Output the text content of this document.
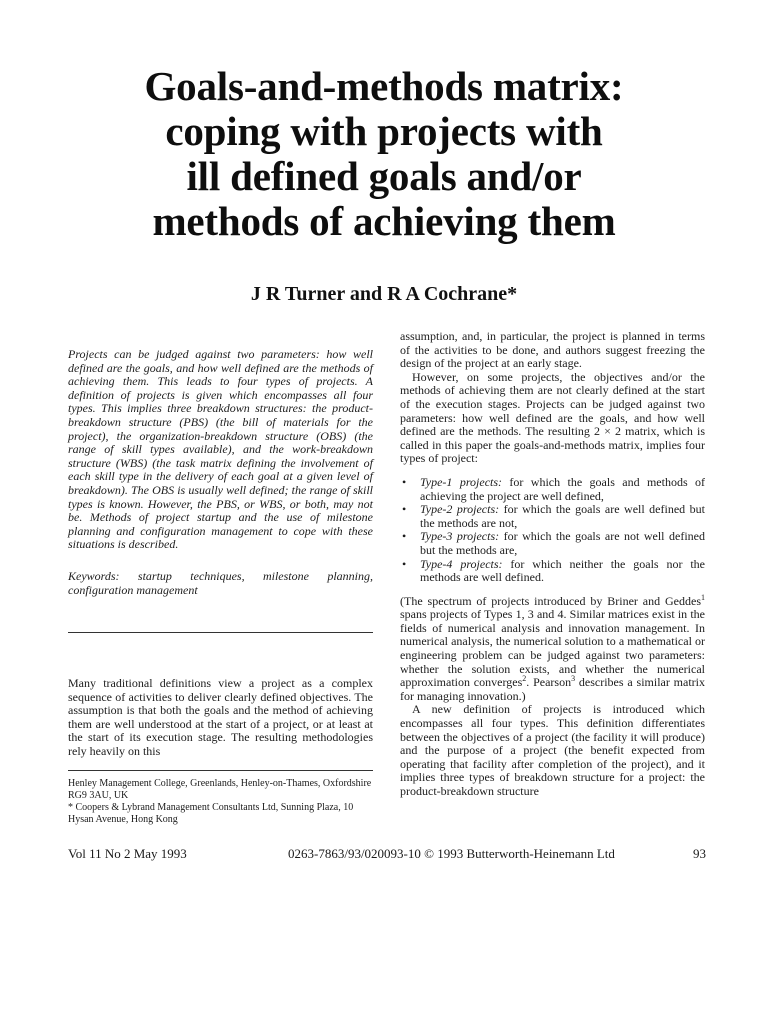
Goals-and-methods matrix:
coping with projects with
ill defined goals and/or
methods of achieving them
J R Turner and R A Cochrane*

Projects can be judged against two parameters: how well defined are the goals, and how well defined are the methods of achieving them. This leads to four types of projects. A definition of projects is given which encompasses all four types. This implies three breakdown structures: the product-breakdown structure (PBS) (the bill of materials for the project), the organization-breakdown structure (OBS) (the range of skill types available), and the work-breakdown structure (WBS) (the task matrix defining the involvement of each skill type in the delivery of each goal at a given level of breakdown). The OBS is usually well defined; the range of skill types is known. However, the PBS, or WBS, or both, may not be. Methods of project startup and the use of milestone planning and configuration management to cope with these situations is described.

Keywords: startup techniques, milestone planning, configuration management

Many traditional definitions view a project as a complex sequence of activities to deliver clearly defined objectives. The assumption is that both the goals and the method of achieving them are well understood at the start of a project, or at least at the start of its execution stage. The resulting methodologies rely heavily on this

Henley Management College, Greenlands, Henley-on-Thames, Oxfordshire RG9 3AU, UK
* Coopers & Lybrand Management Consultants Ltd, Sunning Plaza, 10 Hysan Avenue, Hong Kong

assumption, and, in particular, the project is planned in terms of the activities to be done, and authors suggest freezing the design of the project at an early stage.

However, on some projects, the objectives and/or the methods of achieving them are not clearly defined at the start of the execution stages. Projects can be judged against two parameters: how well defined are the goals, and how well defined are the methods. The resulting 2 × 2 matrix, which is called in this paper the goals-and-methods matrix, implies four types of project:

• Type-1 projects: for which the goals and methods of achieving the project are well defined,
• Type-2 projects: for which the goals are well defined but the methods are not,
• Type-3 projects: for which the goals are not well defined but the methods are,
• Type-4 projects: for which neither the goals nor the methods are well defined.

(The spectrum of projects introduced by Briner and Geddes$^1$ spans projects of Types 1, 3 and 4. Similar matrices exist in the fields of numerical analysis and innovation management. In numerical analysis, the numerical solution to a mathematical or engineering problem can be judged against two parameters: whether the solution exists, and whether the numerical approximation converges$^2$. Pearson$^3$ describes a similar matrix for managing innovation.)

A new definition of projects is introduced which encompasses all four types. This definition differentiates between the objectives of a project (the facility it will produce) and the purpose of a project (the benefit expected from operating that facility after completion of the project), and it implies three types of breakdown structure for a project: the product-breakdown structure

Vol 11 No 2 May 1993	0263-7863/93/020093-10 © 1993 Butterworth-Heinemann Ltd	93
